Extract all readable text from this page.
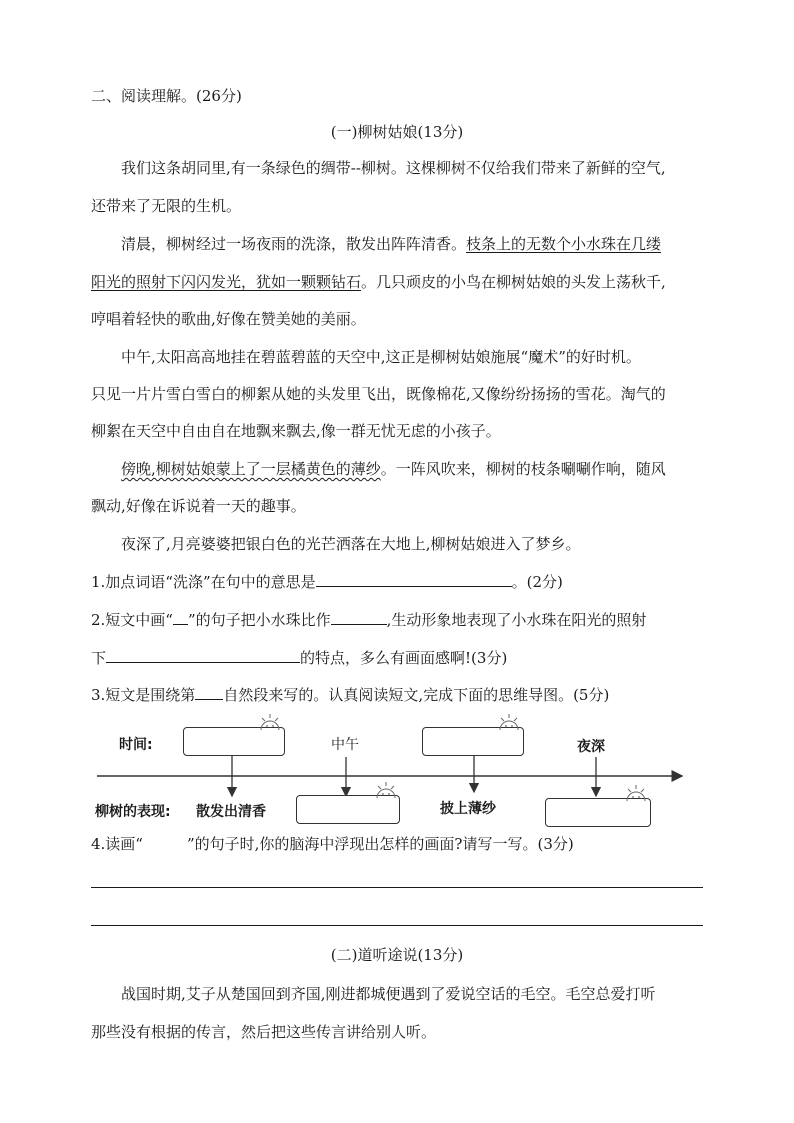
二、阅读理解。(26分)
(一)柳树姑娘(13分)
我们这条胡同里,有一条绿色的绸带--柳树。这棵柳树不仅给我们带来了新鲜的空气,
还带来了无限的生机。
清晨，柳树经过一场夜雨的洗涤，散发出阵阵清香。枝条上的无数个小水珠在几缕
阳光的照射下闪闪发光，犹如一颗颗钻石。几只顽皮的小鸟在柳树姑娘的头发上荡秋千,
哼唱着轻快的歌曲,好像在赞美她的美丽。
中午,太阳高高地挂在碧蓝碧蓝的天空中,这正是柳树姑娘施展“魔术”的好时机。
只见一片片雪白雪白的柳絮从她的头发里飞出，既像棉花,又像纷纷扬扬的雪花。淘气的
柳絮在天空中自由自在地飘来飘去,像一群无忧无虑的小孩子。
傍晚,柳树姑娘蒙上了一层橘黄色的薄纱。一阵风吹来，柳树的枝条唰唰作响，随风
飘动,好像在诉说着一天的趣事。
夜深了,月亮婆婆把银白色的光芒洒落在大地上,柳树姑娘进入了梦乡。
1.加点词语“洗涤”在句中的意思是	。(2分)
2.短文中画“ ”的句子把小水珠比作	,生动形象地表现了小水珠在阳光的照射
下	的特点，多么有画面感啊!(3分)
3.短文是围绕第 自然段来写的。认真阅读短文,完成下面的思维导图。(5分)
时间:	中午	夜深
柳树的表现: 散发出清香	披上薄纱
4.读画“	”的句子时,你的脑海中浮现出怎样的画面?请写一写。(3分)
(二)道听途说(13分)
战国时期,艾子从楚国回到齐国,刚进都城便遇到了爱说空话的毛空。毛空总爱打听
那些没有根据的传言，然后把这些传言讲给别人听。
